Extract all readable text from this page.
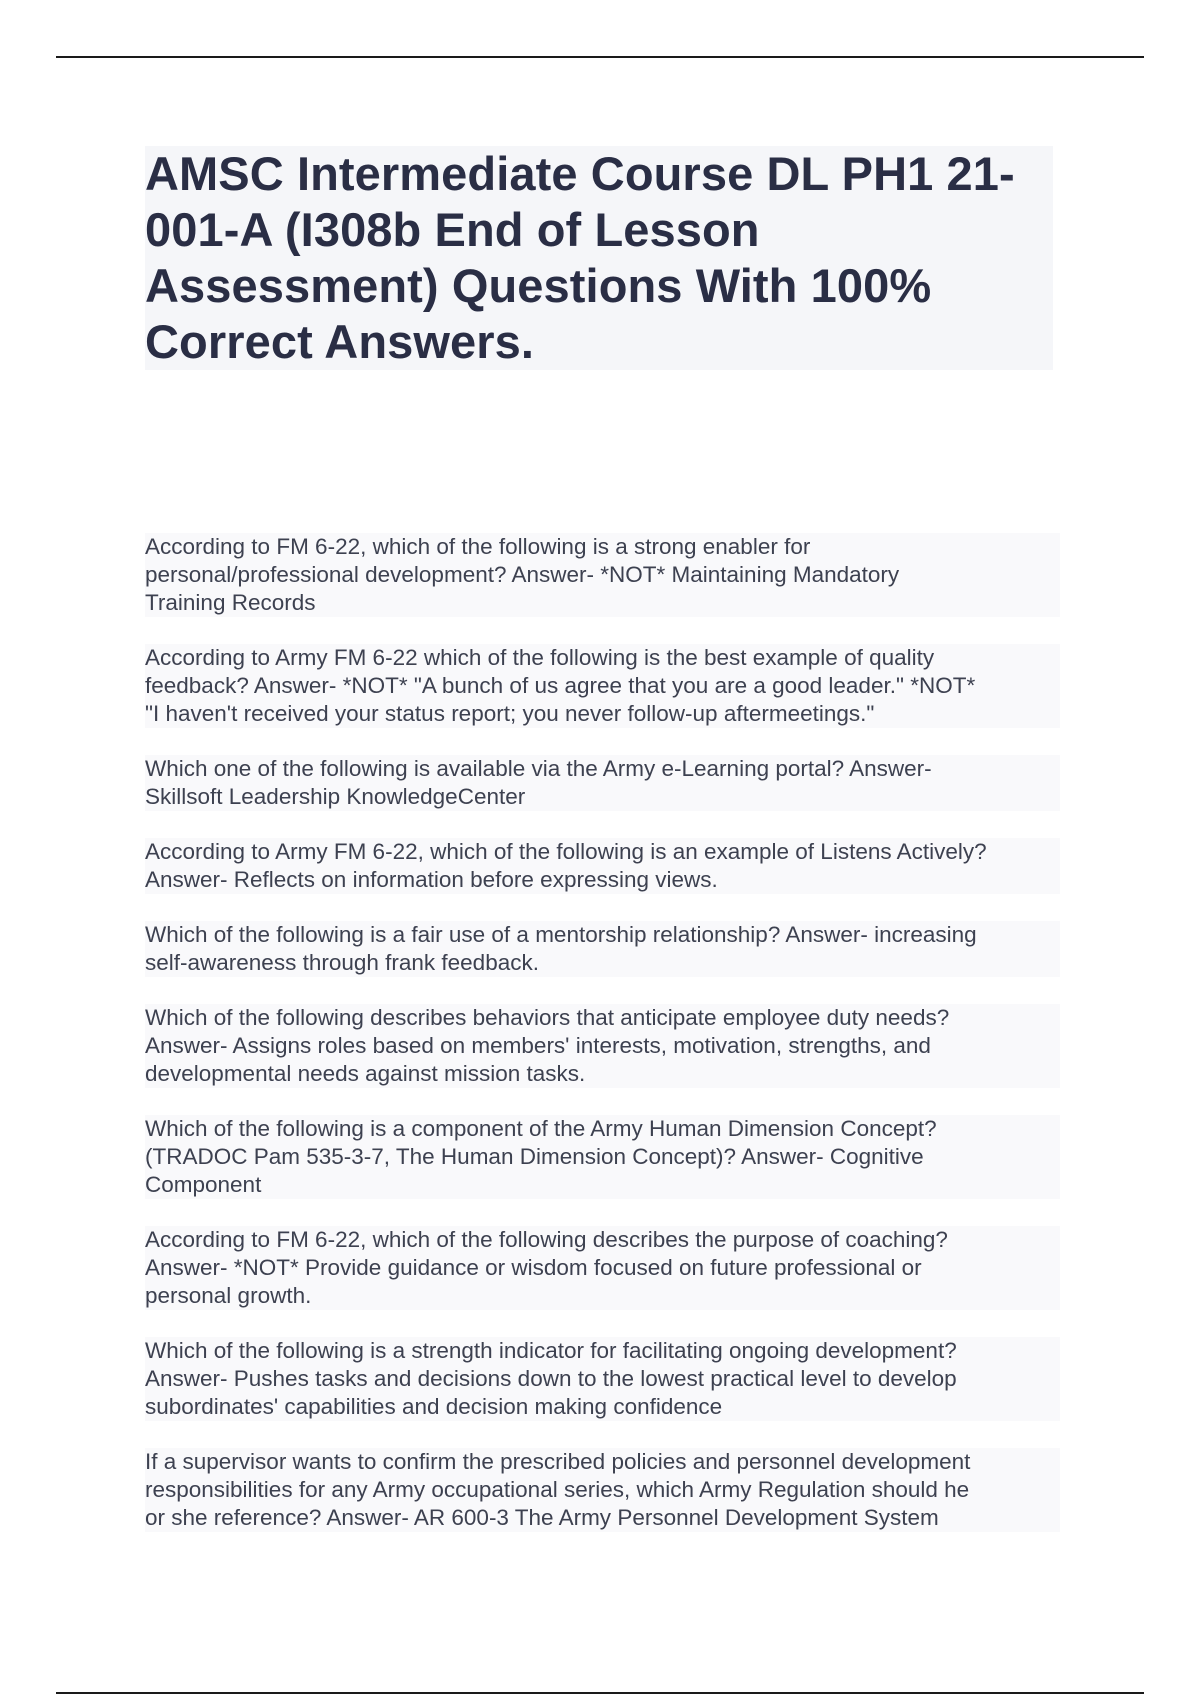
AMSC Intermediate Course DL PH1 21-001-A (I308b End of Lesson Assessment) Questions With 100% Correct Answers.

According to FM 6-22, which of the following is a strong enabler for
personal/professional development? Answer- *NOT* Maintaining Mandatory
Training Records

According to Army FM 6-22 which of the following is the best example of quality
feedback? Answer- *NOT* "A bunch of us agree that you are a good leader." *NOT*
"I haven't received your status report; you never follow-up aftermeetings."

Which one of the following is available via the Army e-Learning portal? Answer-
Skillsoft Leadership KnowledgeCenter

According to Army FM 6-22, which of the following is an example of Listens Actively?
Answer- Reflects on information before expressing views.

Which of the following is a fair use of a mentorship relationship? Answer- increasing
self-awareness through frank feedback.

Which of the following describes behaviors that anticipate employee duty needs?
Answer- Assigns roles based on members' interests, motivation, strengths, and
developmental needs against mission tasks.

Which of the following is a component of the Army Human Dimension Concept?
(TRADOC Pam 535-3-7, The Human Dimension Concept)? Answer- Cognitive
Component

According to FM 6-22, which of the following describes the purpose of coaching?
Answer- *NOT* Provide guidance or wisdom focused on future professional or
personal growth.

Which of the following is a strength indicator for facilitating ongoing development?
Answer- Pushes tasks and decisions down to the lowest practical level to develop
subordinates' capabilities and decision making confidence

If a supervisor wants to confirm the prescribed policies and personnel development
responsibilities for any Army occupational series, which Army Regulation should he
or she reference? Answer- AR 600-3 The Army Personnel Development System
